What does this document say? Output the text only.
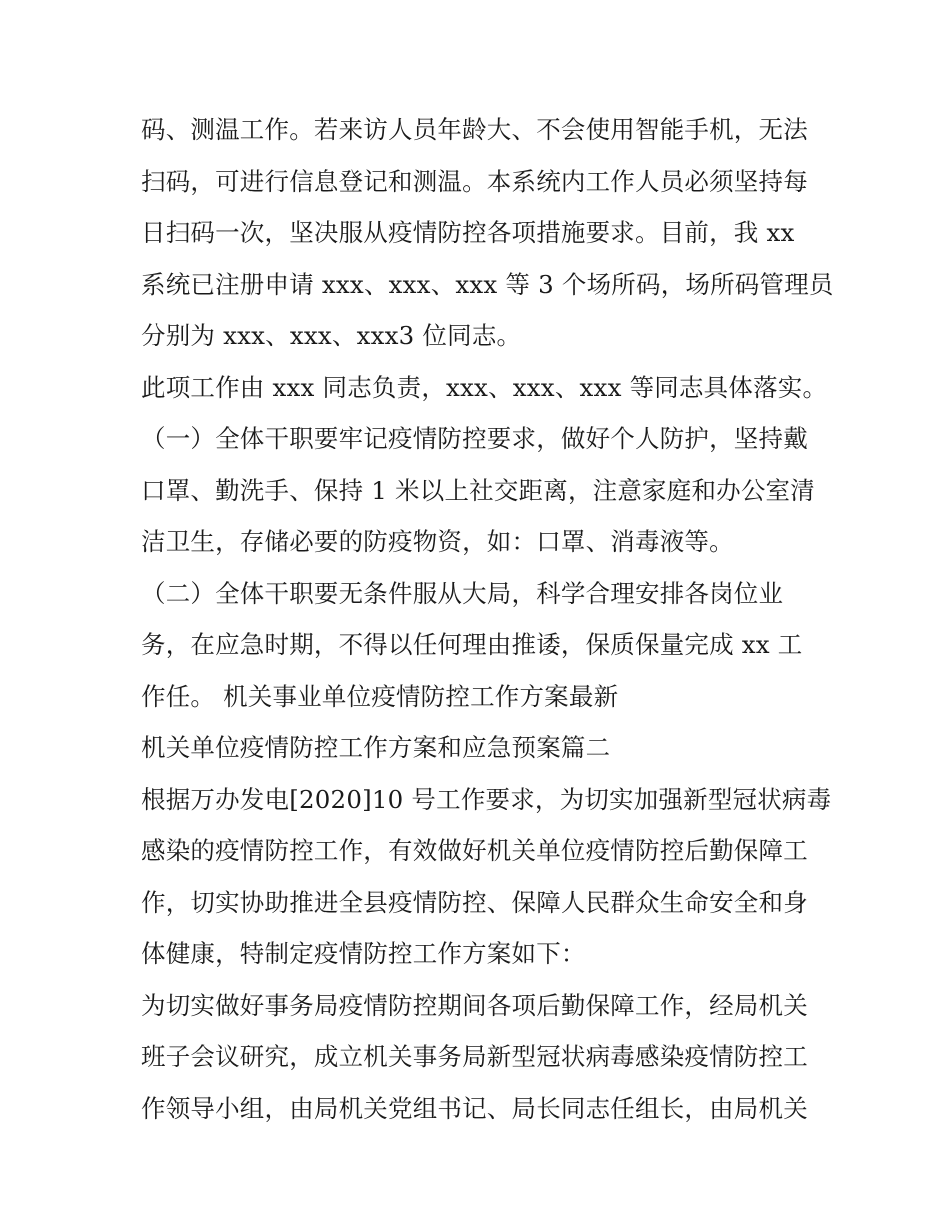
码、测温工作。若来访人员年龄大、不会使用智能手机，无法
扫码，可进行信息登记和测温。本系统内工作人员必须坚持每
日扫码一次，坚决服从疫情防控各项措施要求。目前，我 xx
系统已注册申请 xxx、xxx、xxx 等 3 个场所码，场所码管理员
分别为 xxx、xxx、xxx3 位同志。
此项工作由 xxx 同志负责，xxx、xxx、xxx 等同志具体落实。
（一）全体干职要牢记疫情防控要求，做好个人防护，坚持戴
口罩、勤洗手、保持 1 米以上社交距离，注意家庭和办公室清
洁卫生，存储必要的防疫物资，如：口罩、消毒液等。
（二）全体干职要无条件服从大局，科学合理安排各岗位业
务，在应急时期，不得以任何理由推诿，保质保量完成 xx 工
作任。 机关事业单位疫情防控工作方案最新
机关单位疫情防控工作方案和应急预案篇二
根据万办发电[2020]10 号工作要求，为切实加强新型冠状病毒
感染的疫情防控工作，有效做好机关单位疫情防控后勤保障工
作，切实协助推进全县疫情防控、保障人民群众生命安全和身
体健康，特制定疫情防控工作方案如下：
为切实做好事务局疫情防控期间各项后勤保障工作，经局机关
班子会议研究，成立机关事务局新型冠状病毒感染疫情防控工
作领导小组，由局机关党组书记、局长同志任组长，由局机关
